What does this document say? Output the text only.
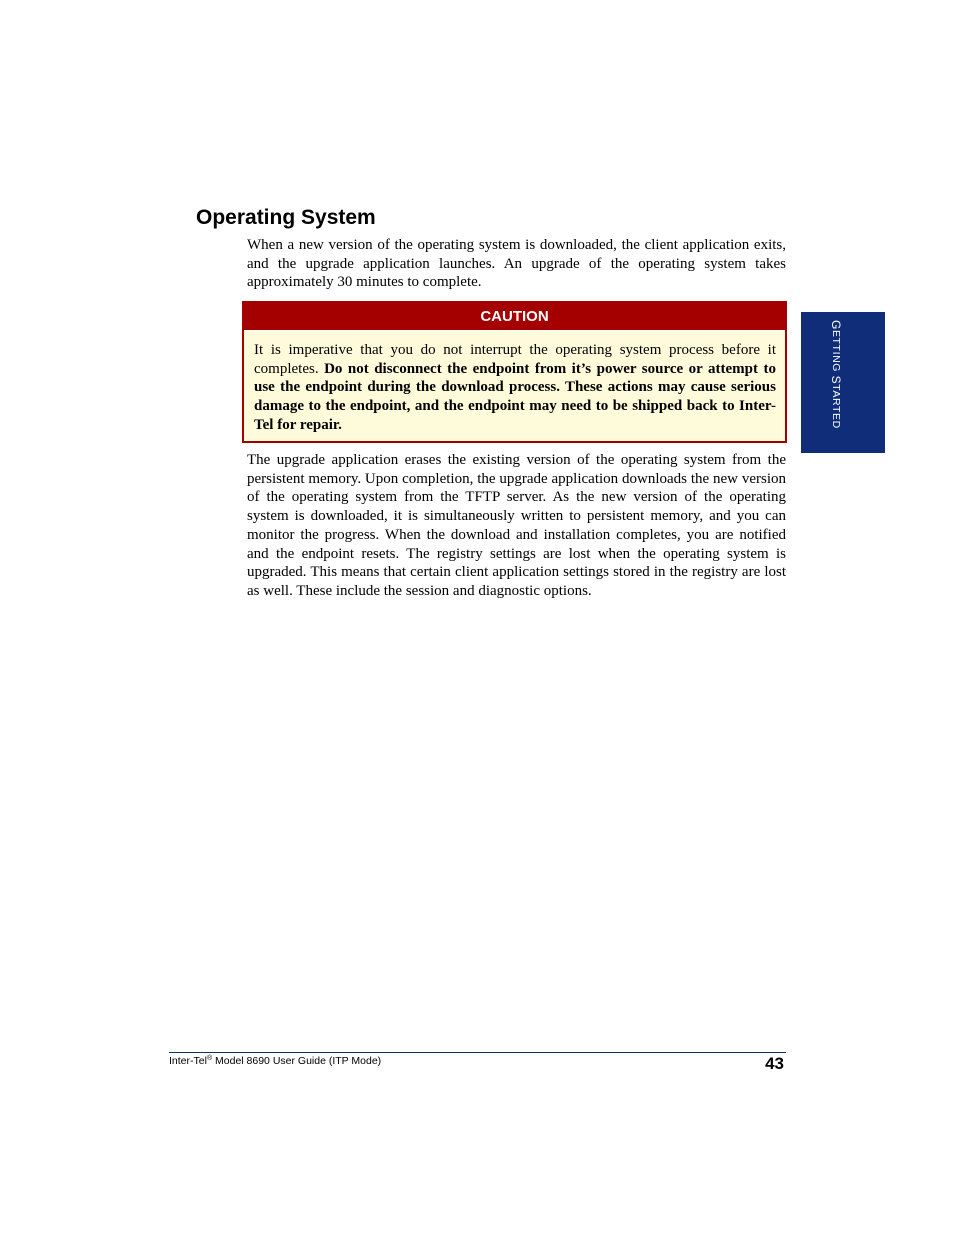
Operating System

When a new version of the operating system is downloaded, the client application exits, and the upgrade application launches. An upgrade of the operating system takes approximately 30 minutes to complete.

CAUTION

It is imperative that you do not interrupt the operating system process before it completes. Do not disconnect the endpoint from it’s power source or attempt to use the endpoint during the download process. These actions may cause serious damage to the endpoint, and the endpoint may need to be shipped back to Inter-Tel for repair.

The upgrade application erases the existing version of the operating system from the persistent memory. Upon completion, the upgrade application downloads the new version of the operating system from the TFTP server. As the new version of the operating system is downloaded, it is simultaneously written to persistent memory, and you can monitor the progress. When the download and installation completes, you are notified and the endpoint resets. The registry settings are lost when the operating system is upgraded. This means that certain client application settings stored in the registry are lost as well. These include the session and diagnostic options.

GETTING STARTED
Inter-Tel® Model 8690 User Guide (ITP Mode)	43
